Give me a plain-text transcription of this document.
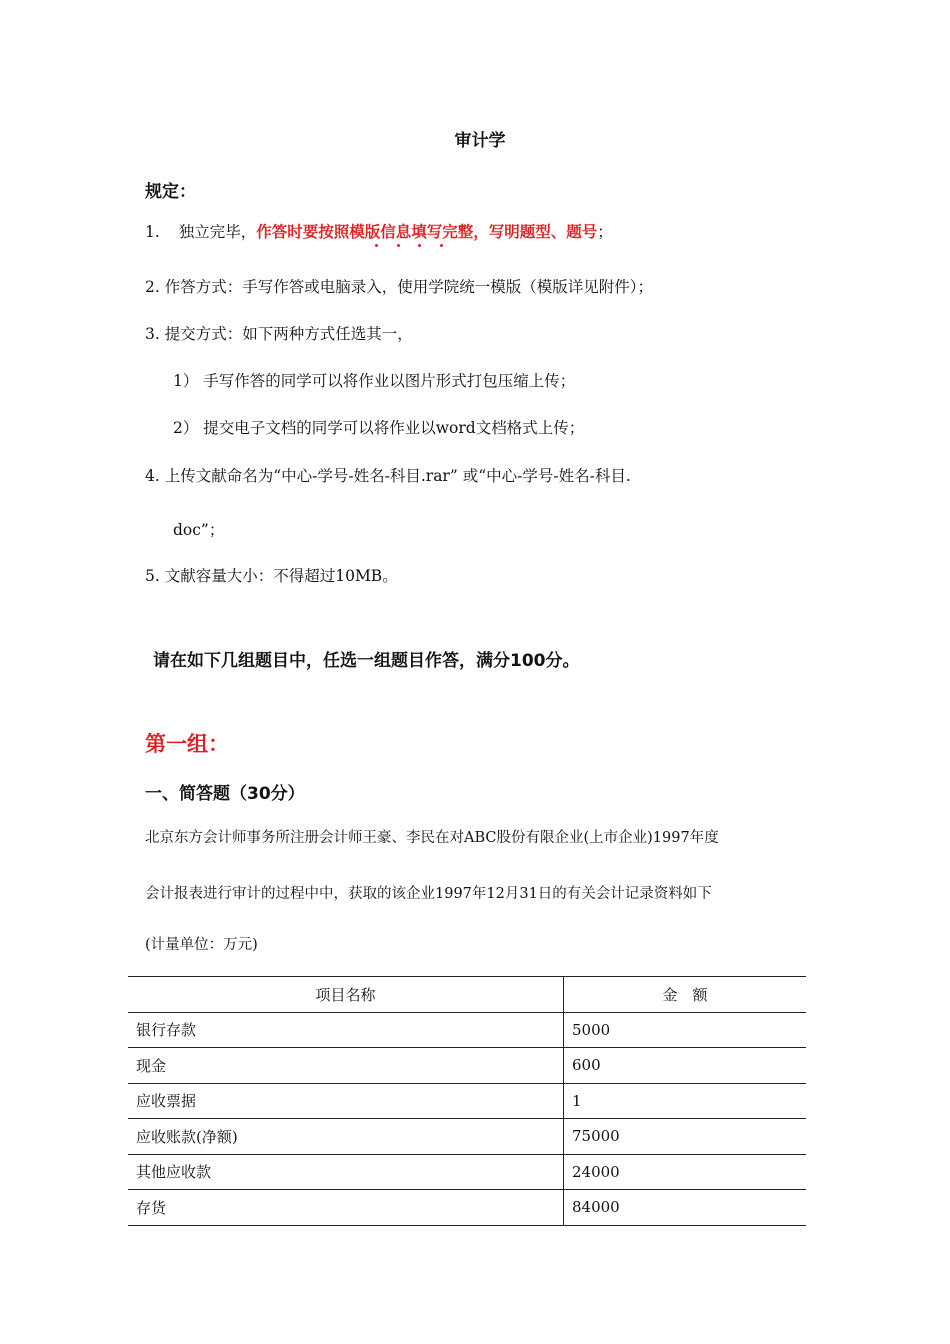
审计学
规定：
1. 独立完毕，作答时要按照模版信息填写完整，写明题型、题号
；
2. 作答方式：手写作答或电脑录入，使用学院统一模版（模版详见附件）；
3. 提交方式：如下两种方式任选其一，
1） 手写作答的同学可以将作业以图片形式打包压缩上传；
2） 提交电子文档的同学可以将作业以word文档格式上传；
4. 上传文献命名为“中心-学号-姓名-科目.rar” 或“中心-学号-姓名-科目.
doc”；
5. 文献容量大小：不得超过10MB。
请在如下几组题目中，任选一组题目作答，满分100分。
第一组：
一、简答题（30分）
北京东方会计师事务所注册会计师王豪、李民在对ABC股份有限企业(上市企业)1997年度
会计报表进行审计的过程中中，获取的该企业1997年12月31日的有关会计记录资料如下
(计量单位：万元)
项目名称	金　额
银行存款	5000
现金	600
应收票据	1
应收账款(净额)	75000
其他应收款	24000
存货	84000
